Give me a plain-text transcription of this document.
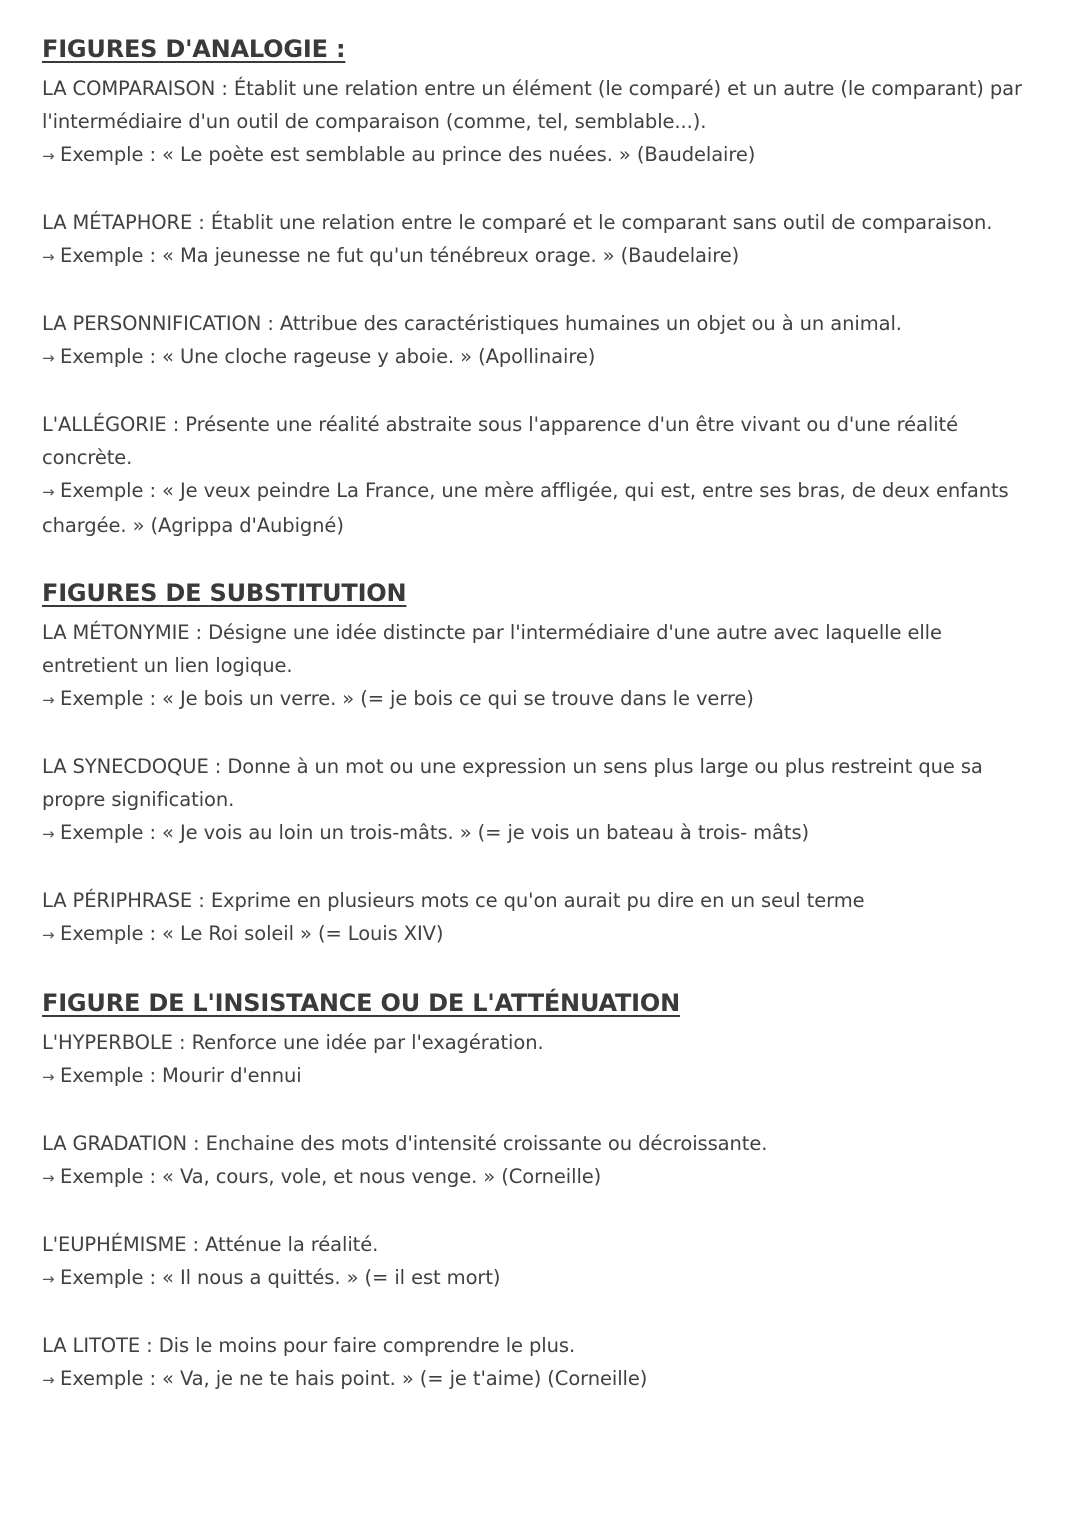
FIGURES D'ANALOGIE :

LA COMPARAISON : Établit une relation entre un élément (le comparé) et un autre (le comparant) par l'intermédiaire d'un outil de comparaison (comme, tel, semblable...).

→ Exemple : « Le poète est semblable au prince des nuées. » (Baudelaire)

LA MÉTAPHORE : Établit une relation entre le comparé et le comparant sans outil de comparaison.

→ Exemple : « Ma jeunesse ne fut qu'un ténébreux orage. » (Baudelaire)

LA PERSONNIFICATION : Attribue des caractéristiques humaines un objet ou à un animal.

→ Exemple : « Une cloche rageuse y aboie. » (Apollinaire)

L'ALLÉGORIE : Présente une réalité abstraite sous l'apparence d'un être vivant ou d'une réalité concrète.

→ Exemple : « Je veux peindre La France, une mère affligée, qui est, entre ses bras, de deux enfants chargée. » (Agrippa d'Aubigné)

FIGURES DE SUBSTITUTION

LA MÉTONYMIE : Désigne une idée distincte par l'intermédiaire d'une autre avec laquelle elle entretient un lien logique.

→ Exemple : « Je bois un verre. » (= je bois ce qui se trouve dans le verre)

LA SYNECDOQUE : Donne à un mot ou une expression un sens plus large ou plus restreint que sa propre signification.

→ Exemple : « Je vois au loin un trois-mâts. » (= je vois un bateau à trois- mâts)

LA PÉRIPHRASE : Exprime en plusieurs mots ce qu'on aurait pu dire en un seul terme

→ Exemple : « Le Roi soleil » (= Louis XIV)

FIGURE DE L'INSISTANCE OU DE L'ATTÉNUATION

L'HYPERBOLE : Renforce une idée par l'exagération.

→ Exemple : Mourir d'ennui

LA GRADATION : Enchaine des mots d'intensité croissante ou décroissante.

→ Exemple : « Va, cours, vole, et nous venge. » (Corneille)

L'EUPHÉMISME : Atténue la réalité.

→ Exemple : « Il nous a quittés. » (= il est mort)

LA LITOTE : Dis le moins pour faire comprendre le plus.

→ Exemple : « Va, je ne te hais point. » (= je t'aime) (Corneille)
